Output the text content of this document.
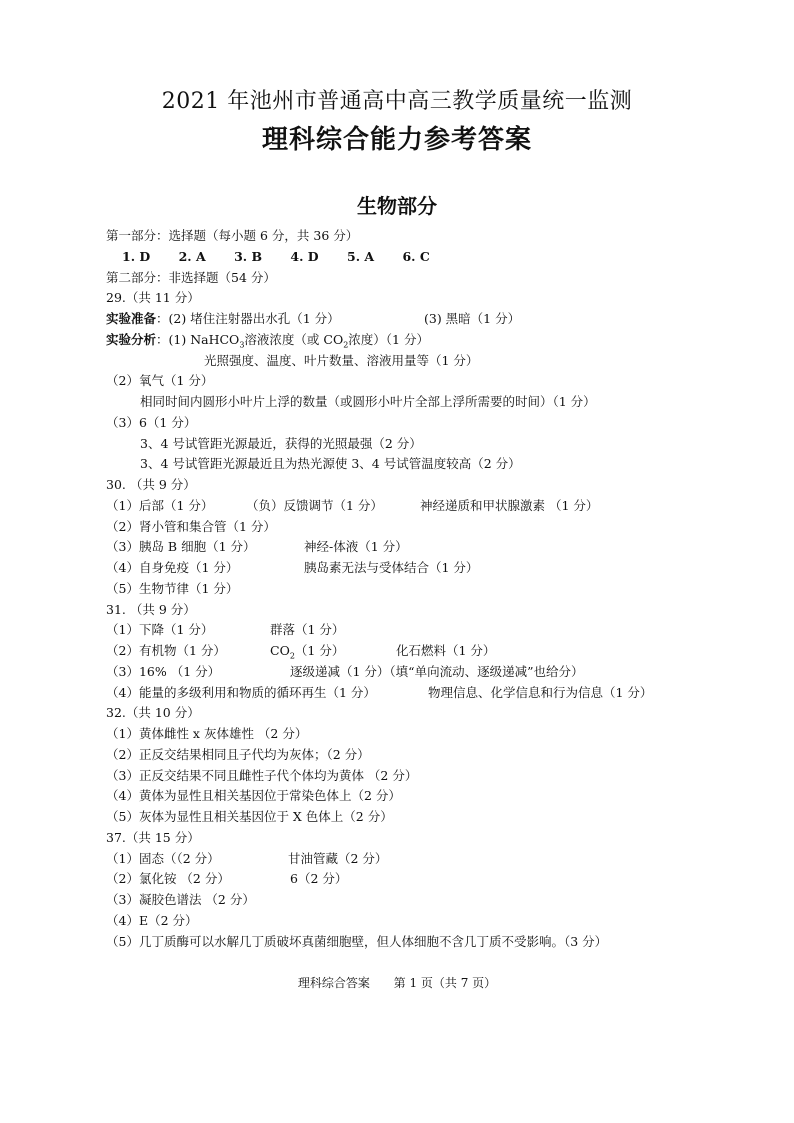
2021 年池州市普通高中高三教学质量统一监测
理科综合能力参考答案
生物部分
第一部分：选择题（每小题 6 分，共 36 分）
1. D 2. A 3. B 4. D 5. A 6. C
第二部分：非选择题（54 分）
29.（共 11 分）
实验准备：(2) 堵住注射器出水孔（1 分）	(3) 黑暗（1 分）
实验分析：(1) NaHCO$_3$溶液浓度（或 $CO_2$浓度）（1 分）
光照强度、温度、叶片数量、溶液用量等（1 分）
（2）氧气（1 分）
相同时间内圆形小叶片上浮的数量（或圆形小叶片全部上浮所需要的时间）（1 分）
（3）6（1 分）
3、4 号试管距光源最近，获得的光照最强（2 分）
3、4 号试管距光源最近且为热光源使 3、4 号试管温度较高（2 分）
30. （共 9 分）
（1）后部（1 分）	（负）反馈调节（1 分）	神经递质和甲状腺激素 （1 分）
（2）肾小管和集合管（1 分）
（3）胰岛 B 细胞（1 分）	神经-体液（1 分）
（4）自身免疫（1 分）	胰岛素无法与受体结合（1 分）
（5）生物节律（1 分）
31. （共 9 分）
（1）下降（1 分）	群落（1 分）
（2）有机物（1 分）	$CO_2(1$ 分）	化石燃料（1 分）
（3）16% （1 分）	逐级递减（1 分）（填“单向流动、逐级递减”也给分）
（4）能量的多级利用和物质的循环再生（1 分）	物理信息、化学信息和行为信息（1 分）
32.（共 10 分）
（1）黄体雌性 x 灰体雄性 （2 分）
（2）正反交结果相同且子代均为灰体；（2 分）
（3）正反交结果不同且雌性子代个体均为黄体 （2 分）
（4）黄体为显性且相关基因位于常染色体上（2 分）
（5）灰体为显性且相关基因位于 X 色体上（2 分）
37.（共 15 分）
（1）固态（（2 分）	甘油管藏（2 分）
（2）氯化铵 （2 分）	6（2 分）
（3）凝胶色谱法 （2 分）
（4）E（2 分）
（5）几丁质酶可以水解几丁质破坏真菌细胞壁，但人体细胞不含几丁质不受影响。（3 分）
理科综合答案 第 1 页（共 7 页）
